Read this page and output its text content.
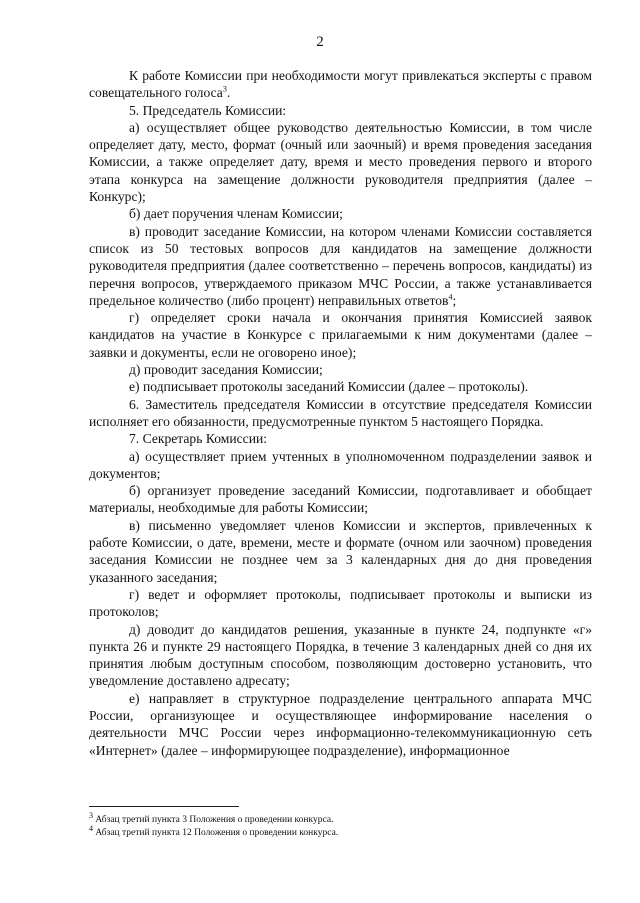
2

К работе Комиссии при необходимости могут привлекаться эксперты с правом совещательного голоса$^3$.

5. Председатель Комиссии:

а) осуществляет общее руководство деятельностью Комиссии, в том числе определяет дату, место, формат (очный или заочный) и время проведения заседания Комиссии, а также определяет дату, время и место проведения первого и второго этапа конкурса на замещение должности руководителя предприятия (далее – Конкурс);

б) дает поручения членам Комиссии;

в) проводит заседание Комиссии, на котором членами Комиссии составляется список из 50 тестовых вопросов для кандидатов на замещение должности руководителя предприятия (далее соответственно – перечень вопросов, кандидаты) из перечня вопросов, утверждаемого приказом МЧС России, а также устанавливается предельное количество (либо процент) неправильных ответов$^4$;

г) определяет сроки начала и окончания принятия Комиссией заявок кандидатов на участие в Конкурсе с прилагаемыми к ним документами (далее – заявки и документы, если не оговорено иное);

д) проводит заседания Комиссии;

е) подписывает протоколы заседаний Комиссии (далее – протоколы).

6. Заместитель председателя Комиссии в отсутствие председателя Комиссии исполняет его обязанности, предусмотренные пунктом 5 настоящего Порядка.

7. Секретарь Комиссии:

а) осуществляет прием учтенных в уполномоченном подразделении заявок и документов;

б) организует проведение заседаний Комиссии, подготавливает и обобщает материалы, необходимые для работы Комиссии;

в) письменно уведомляет членов Комиссии и экспертов, привлеченных к работе Комиссии, о дате, времени, месте и формате (очном или заочном) проведения заседания Комиссии не позднее чем за 3 календарных дня до дня проведения указанного заседания;

г) ведет и оформляет протоколы, подписывает протоколы и выписки из протоколов;

д) доводит до кандидатов решения, указанные в пункте 24, подпункте «г» пункта 26 и пункте 29 настоящего Порядка, в течение 3 календарных дней со дня их принятия любым доступным способом, позволяющим достоверно установить, что уведомление доставлено адресату;

е) направляет в структурное подразделение центрального аппарата МЧС России, организующее и осуществляющее информирование населения о деятельности МЧС России через информационно-телекоммуникационную сеть «Интернет» (далее – информирующее подразделение), информационное

$^3$ Абзац третий пункта 3 Положения о проведении конкурса.

$^4$ Абзац третий пункта 12 Положения о проведении конкурса.
